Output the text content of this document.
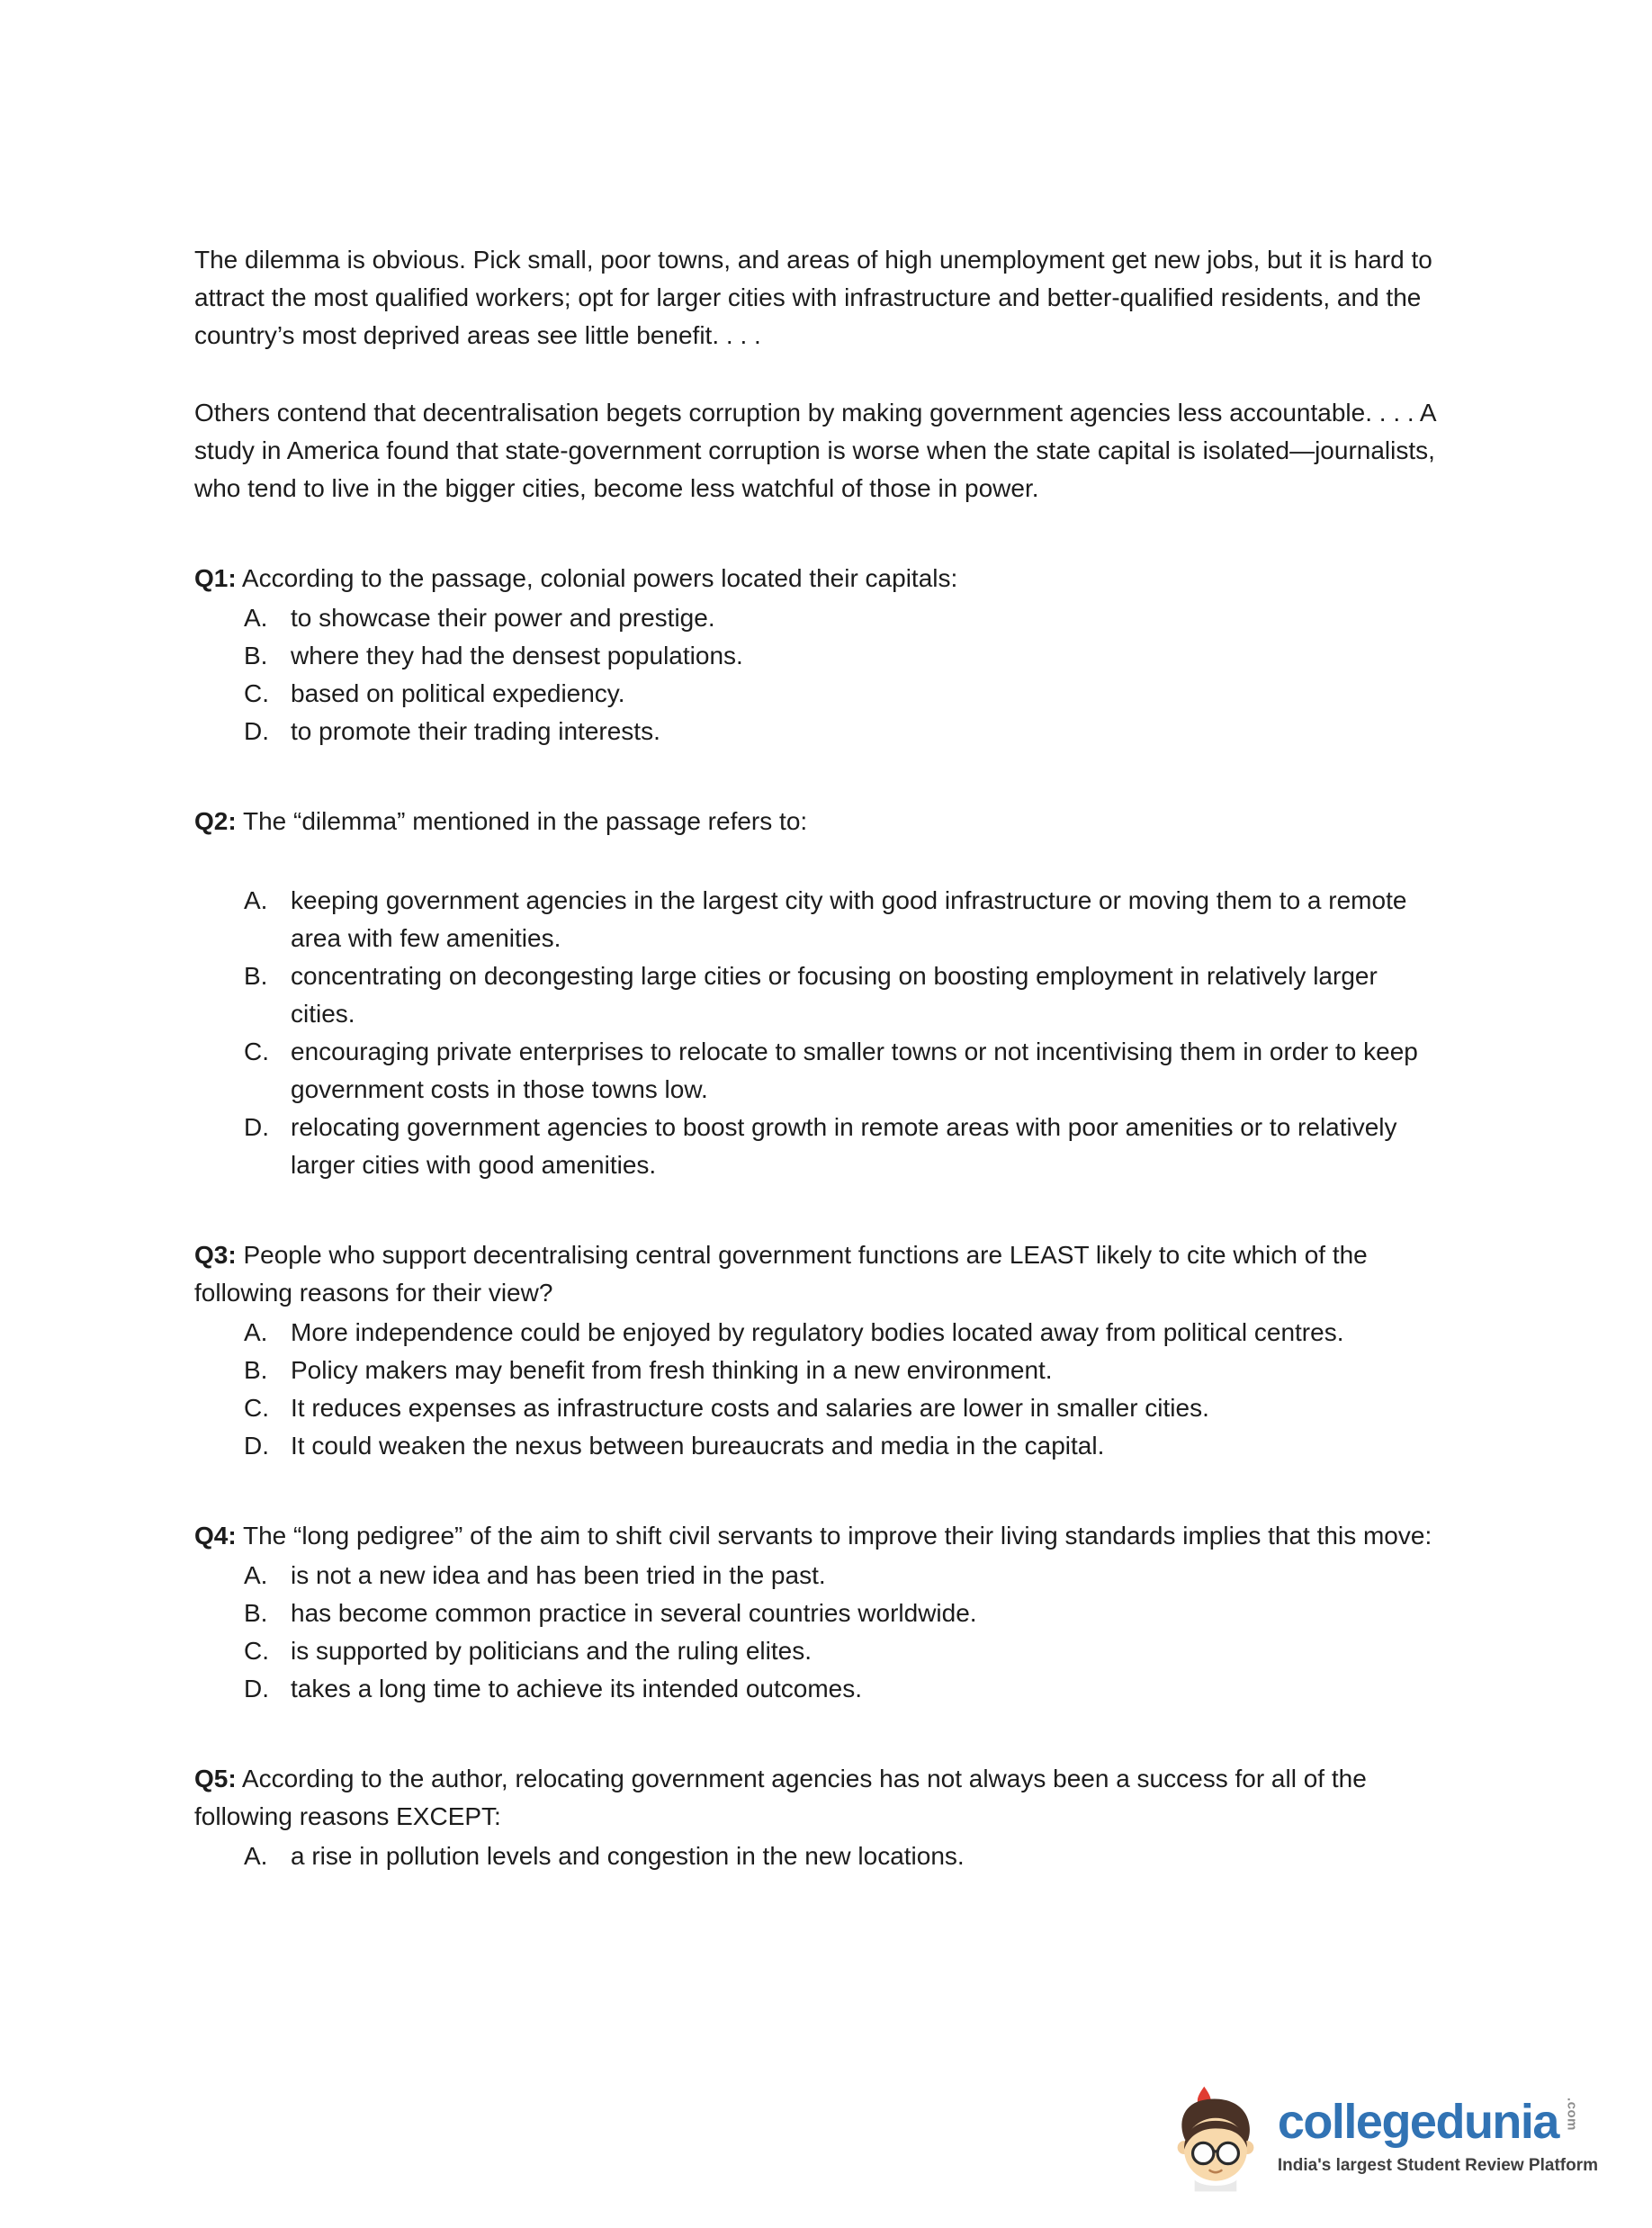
The dilemma is obvious. Pick small, poor towns, and areas of high unemployment get new jobs, but it is hard to attract the most qualified workers; opt for larger cities with infrastructure and better-qualified residents, and the country’s most deprived areas see little benefit. . . .

Others contend that decentralisation begets corruption by making government agencies less accountable. . . . A study in America found that state-government corruption is worse when the state capital is isolated—journalists, who tend to live in the bigger cities, become less watchful of those in power.

Q1: According to the passage, colonial powers located their capitals:

A. to showcase their power and prestige.
B. where they had the densest populations.
C. based on political expediency.
D. to promote their trading interests.

Q2: The “dilemma” mentioned in the passage refers to:

A. keeping government agencies in the largest city with good infrastructure or moving them to a remote area with few amenities.
B. concentrating on decongesting large cities or focusing on boosting employment in relatively larger cities.
C. encouraging private enterprises to relocate to smaller towns or not incentivising them in order to keep government costs in those towns low.
D. relocating government agencies to boost growth in remote areas with poor amenities or to relatively larger cities with good amenities.

Q3: People who support decentralising central government functions are LEAST likely to cite which of the following reasons for their view?

A. More independence could be enjoyed by regulatory bodies located away from political centres.
B. Policy makers may benefit from fresh thinking in a new environment.
C. It reduces expenses as infrastructure costs and salaries are lower in smaller cities.
D. It could weaken the nexus between bureaucrats and media in the capital.

Q4: The “long pedigree” of the aim to shift civil servants to improve their living standards implies that this move:

A. is not a new idea and has been tried in the past.
B. has become common practice in several countries worldwide.
C. is supported by politicians and the ruling elites.
D. takes a long time to achieve its intended outcomes.

Q5: According to the author, relocating government agencies has not always been a success for all of the following reasons EXCEPT:

A. a rise in pollution levels and congestion in the new locations.
collegedunia .com
India's largest Student Review Platform
